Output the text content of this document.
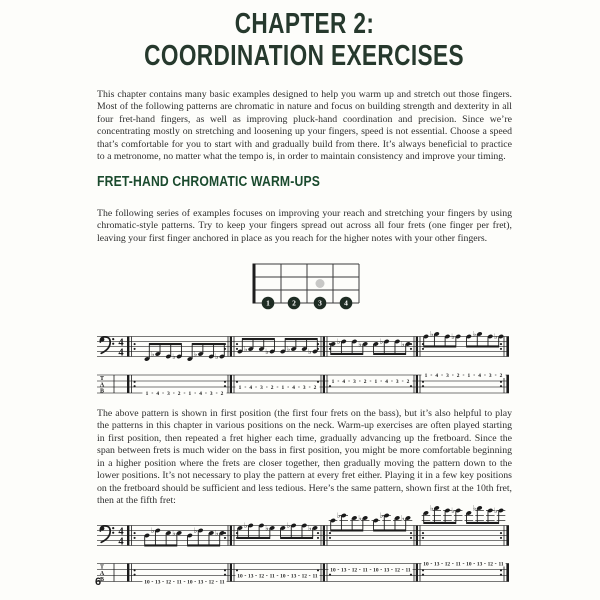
CHAPTER 2:
COORDINATION EXERCISES
This chapter contains many basic examples designed to help you warm up and stretch out those fingers. Most of the following patterns are chromatic in nature and focus on building strength and dexterity in all four fret-hand fingers, as well as improving pluck-hand coordination and precision. Since we’re concentrating mostly on stretching and loosening up your fingers, speed is not essential. Choose a speed that’s comfortable for you to start with and gradually build from there. It’s always beneficial to practice to a metronome, no matter what the tempo is, in order to maintain consistency and improve your timing.
FRET-HAND CHROMATIC WARM-UPS
The following series of examples focuses on improving your reach and stretching your fingers by using chromatic-style patterns. Try to keep your fingers spread out across all four frets (one finger per fret), leaving your first finger anchored in place as you reach for the higher notes with your other fingers.
1	2	3	4
4
4	♭ ♭ ♭ ♭
♭ ♭ ♭ ♭
♭ ♭ ♭ ♭
♭ ♭ ♭ ♭
T
A
B	1 4 3 2 1 4 3 2
1 4 3 2 1 4 3 2
1 4 3 2 1 4 3 2
1 4 3 2 1 4 3 2
The above pattern is shown in first position (the first four frets on the bass), but it’s also helpful to play the patterns in this chapter in various positions on the neck. Warm-up exercises are often played starting in first position, then repeated a fret higher each time, gradually advancing up the fretboard. Since the span between frets is much wider on the bass in first position, you might be more comfortable beginning in a higher position where the frets are closer together, then gradually moving the pattern down to the lower positions. It’s not necessary to play the pattern at every fret either. Playing it in a few key positions on the fretboard should be sufficient and less tedious. Here’s the same pattern, shown first at the 10th fret, then at the fifth fret:
4
4
♭ ♭ ♭ ♭
♭ ♭ ♭ ♭
♭ ♭ ♭ ♭
♭ ♭ ♭ ♭
T
A
B	10 13 12 11 10 13 12 11
10 13 12 11 10 13 12 11
10 13 12 11 10 13 12 11
10 13 12 11 10 13 12 11
6
